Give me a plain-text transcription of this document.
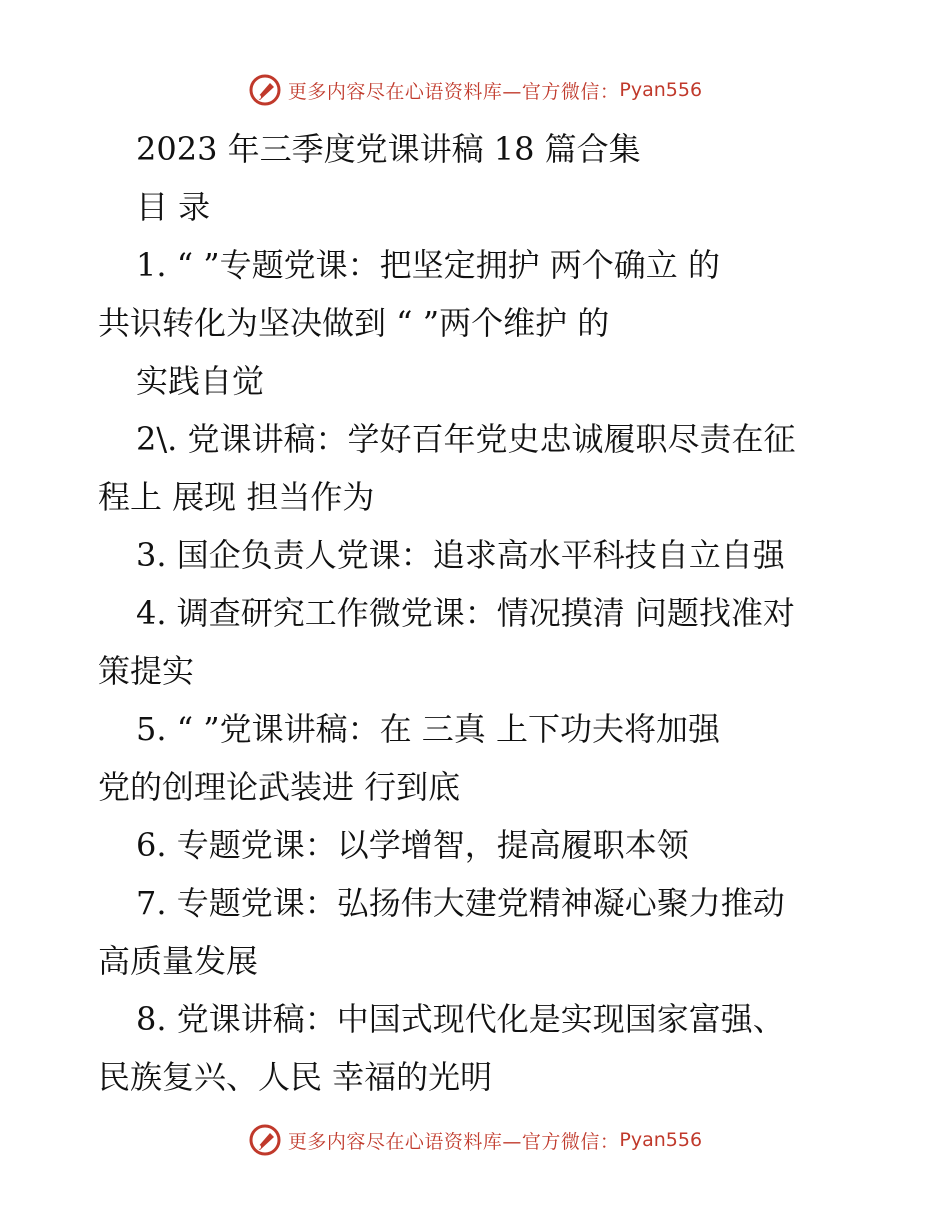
更多内容尽在心语资料库—官方微信： Pyan556
2023 年三季度党课讲稿 18 篇合集
目 录
1. “ ”专题党课：把坚定拥护 两个确立 的
共识转化为坚决做到 “ ”两个维护 的
实践自觉
2\. 党课讲稿：学好百年党史忠诚履职尽责在征
程上 展现 担当作为
3. 国企负责人党课：追求高水平科技自立自强
4. 调查研究工作微党课：情况摸清 问题找准对
策提实
5. “ ”党课讲稿：在 三真 上下功夫将加强
党的创理论武装进 行到底
6. 专题党课：以学增智，提高履职本领
7. 专题党课：弘扬伟大建党精神凝心聚力推动
高质量发展
8. 党课讲稿：中国式现代化是实现国家富强、
民族复兴、人民 幸福的光明
更多内容尽在心语资料库—官方微信： Pyan556
